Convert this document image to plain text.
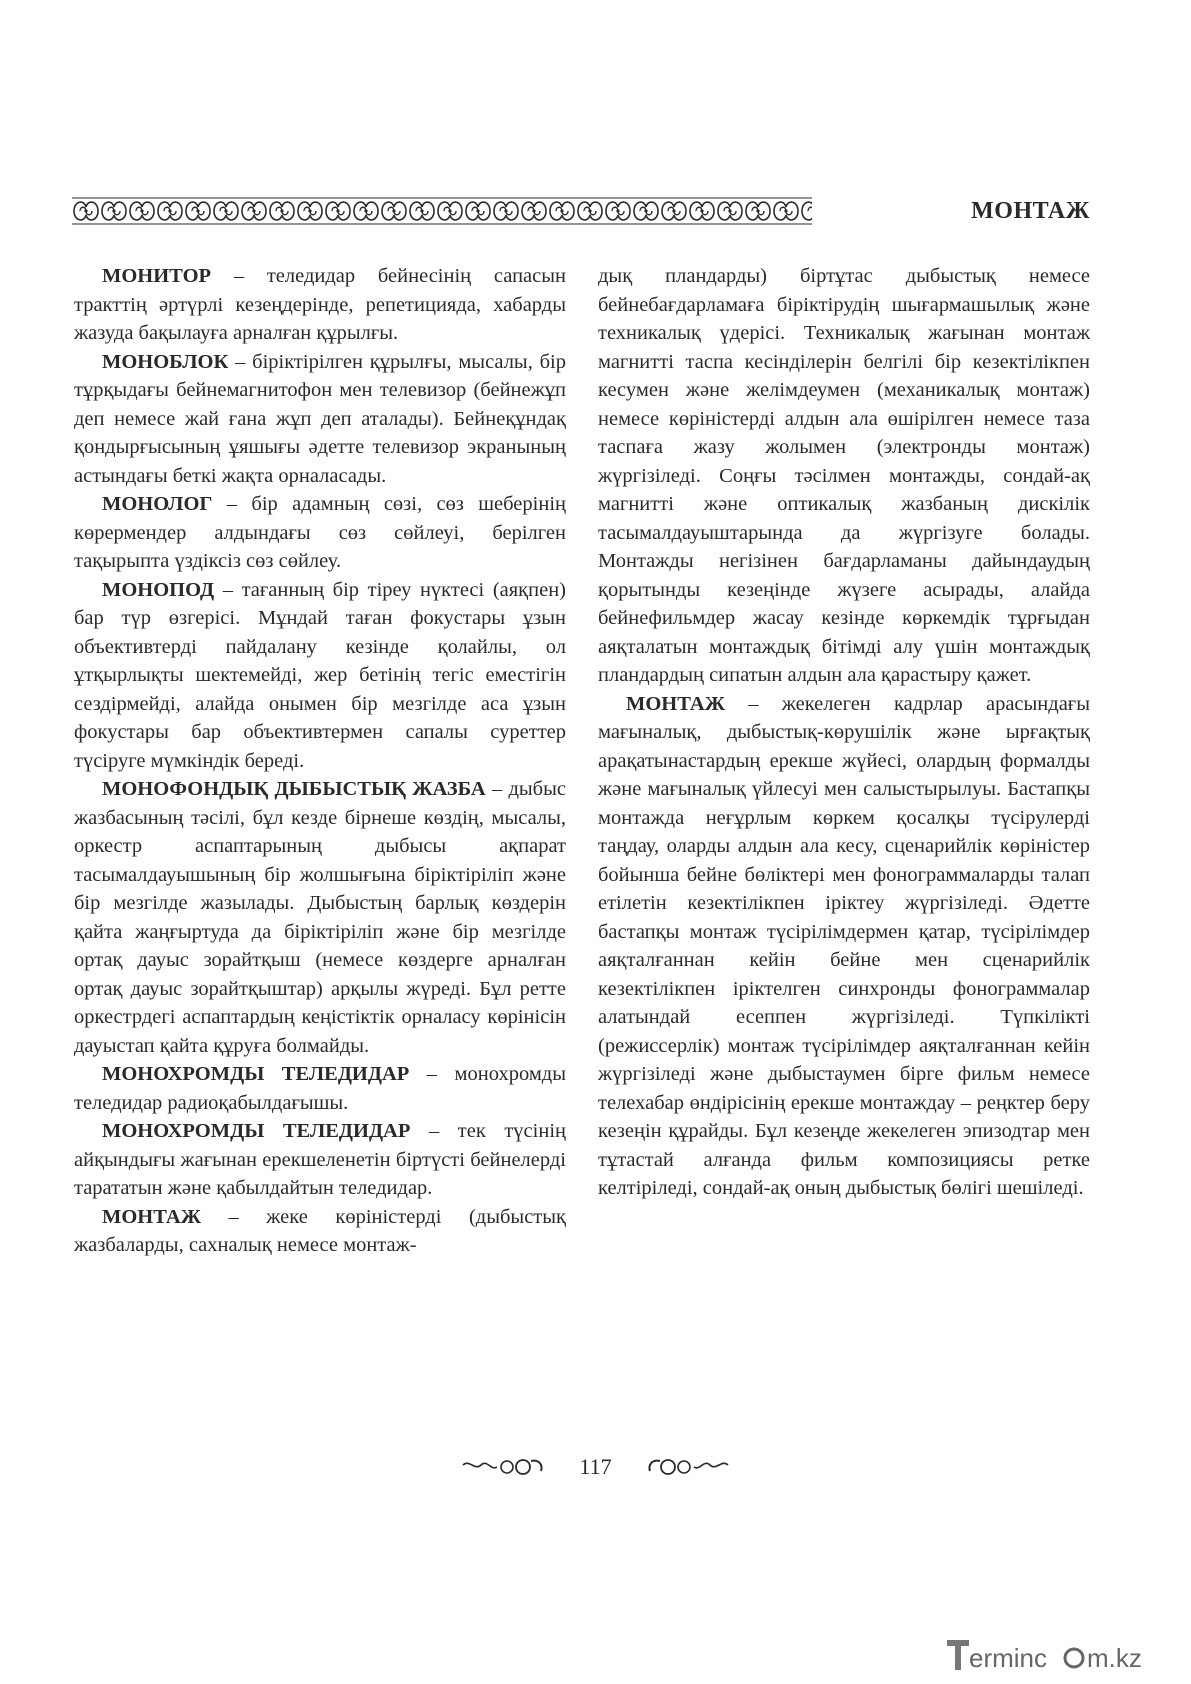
МОНТАЖ

МОНИТОР – теледидар бейнесінің сапасын тракттің әртүрлі кезеңдерінде, репетицияда, хабарды жазуда бақылауға арналған құрылғы.

МОНОБЛОК – біріктірілген құрылғы, мысалы, бір тұрқыдағы бейнемагнитофон мен телевизор (бейнежұп деп немесе жай ғана жұп деп аталады). Бейнеқұндақ қондырғысының ұяшығы әдетте телевизор экранының астындағы беткі жақта орналасады.

МОНОЛОГ – бір адамның сөзі, сөз шеберінің көрермендер алдындағы сөз сөйлеуі, берілген тақырыпта үздіксіз сөз сөйлеу.

МОНОПОД – тағанның бір тіреу нүктесі (аяқпен) бар түр өзгерісі. Мұндай таған фокустары ұзын объективтерді пайдалану кезінде қолайлы, ол ұтқырлықты шектемейді, жер бетінің тегіс еместігін сездірмейді, алайда онымен бір мезгілде аса ұзын фокустары бар объективтермен сапалы суреттер түсіруге мүмкіндік береді.

МОНОФОНДЫҚ ДЫБЫСТЫҚ ЖАЗБА – дыбыс жазбасының тәсілі, бұл кезде бірнеше көздің, мысалы, оркестр аспаптарының дыбысы ақпарат тасымалдауышының бір жолшығына біріктіріліп және бір мезгілде жазылады. Дыбыстың барлық көздерін қайта жаңғыртуда да біріктіріліп және бір мезгілде ортақ дауыс зорайтқыш (немесе көздерге арналған ортақ дауыс зорайтқыштар) арқылы жүреді. Бұл ретте оркестрдегі аспаптардың кеңістіктік орналасу көрінісін дауыстап қайта құруға болмайды.

МОНОХРОМДЫ ТЕЛЕДИДАР – монохромды теледидар радиоқабылдағышы.

МОНОХРОМДЫ ТЕЛЕДИДАР – тек түсінің айқындығы жағынан ерекшеленетін біртүсті бейнелерді тарататын және қабылдайтын теледидар.

МОНТАЖ – жеке көріністерді (дыбыстық жазбаларды, сахналық немесе монтаж-

дық пландарды) біртұтас дыбыстық немесе бейнебағдарламаға біріктірудің шығармашылық және техникалық үдерісі. Техникалық жағынан монтаж магнитті таспа кесінділерін белгілі бір кезектілікпен кесумен және желімдеумен (механикалық монтаж) немесе көріністерді алдын ала өшірілген немесе таза таспаға жазу жолымен (электронды монтаж) жүргізіледі. Соңғы тәсілмен монтажды, сондай-ақ магнитті және оптикалық жазбаның дискілік тасымалдауыштарында да жүргізуге болады. Монтажды негізінен бағдарламаны дайындаудың қорытынды кезеңінде жүзеге асырады, алайда бейнефильмдер жасау кезінде көркемдік тұрғыдан аяқталатын монтаждық бітімді алу үшін монтаждық пландардың сипатын алдын ала қарастыру қажет.

МОНТАЖ – жекелеген кадрлар арасындағы мағыналық, дыбыстық-көрушілік және ырғақтық арақатынастардың ерекше жүйесі, олардың формалды және мағыналық үйлесуі мен салыстырылуы. Бастапқы монтажда неғұрлым көркем қосалқы түсірулерді таңдау, оларды алдын ала кесу, сценарийлік көріністер бойынша бейне бөліктері мен фонограммаларды талап етілетін кезектілікпен іріктеу жүргізіледі. Әдетте бастапқы монтаж түсірілімдермен қатар, түсірілімдер аяқталғаннан кейін бейне мен сценарийлік кезектілікпен іріктелген синхронды фонограммалар алатындай есеппен жүргізіледі. Түпкілікті (режиссерлік) монтаж түсірілімдер аяқталғаннан кейін жүргізіледі және дыбыстаумен бірге фильм немесе телехабар өндірісінің ерекше монтаждау – реңктер беру кезеңін құрайды. Бұл кезеңде жекелеген эпизодтар мен тұтастай алғанда фильм композициясы ретке келтіріледі, сондай-ақ оның дыбыстық бөлігі шешіледі.

117
erminc m.kz
